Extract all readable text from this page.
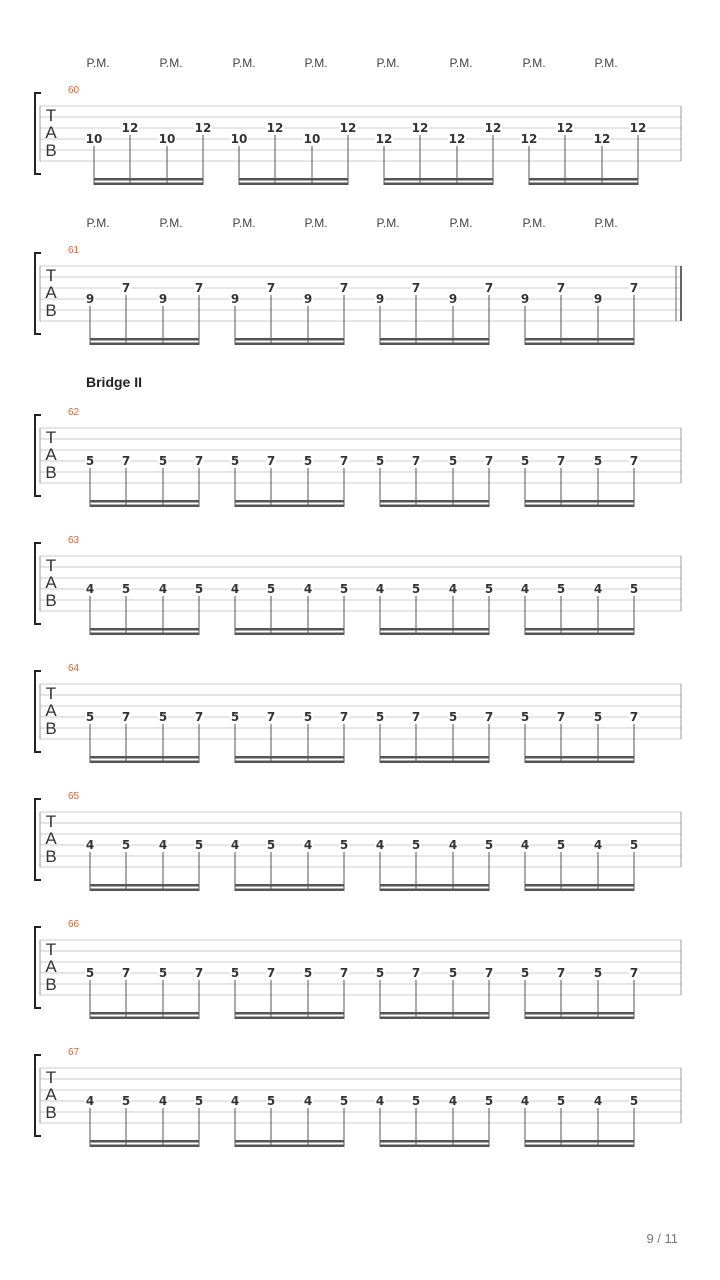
T
A
B
60
P.M.	P.M.	P.M.	P.M.	P.M.	P.M.	P.M.	P.M.
10
12
10
12
10
12
10
12
12
12
12
12
12
12
12
12
T
A
B
61
P.M.	P.M.	P.M.	P.M.	P.M.	P.M.	P.M.	P.M.
9
7
9
7
9
7
9
7
9
7
9
7
9
7
9
7
T
A
B
62
Bridge II
5 7 5 7 5 7 5 7 5 7 5 7 5 7 5 7
T
A
B
63
4 5 4 5 4 5 4 5 4 5 4 5 4 5 4 5
T
A
B
64
5 7 5 7 5 7 5 7 5 7 5 7 5 7 5 7
T
A
B
65
4 5 4 5 4 5 4 5 4 5 4 5 4 5 4 5
T
A
B
66
5 7 5 7 5 7 5 7 5 7 5 7 5 7 5 7
T
A
B
67
4 5 4 5 4 5 4 5 4 5 4 5 4 5 4 5
9 / 11
